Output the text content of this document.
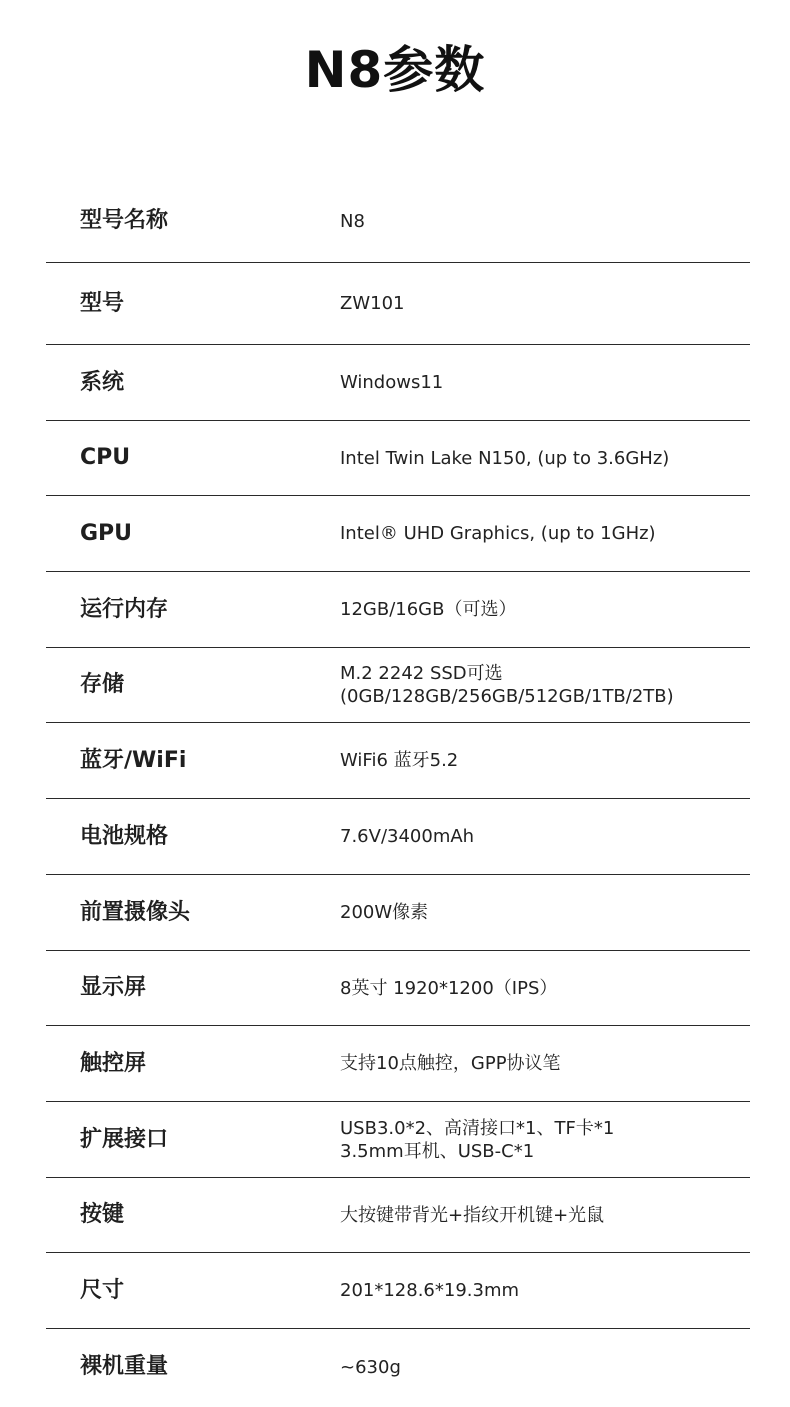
N8参数
型号名称	N8
型号	ZW101
系统	Windows11
CPU	Intel Twin Lake N150, (up to 3.6GHz)
GPU	Intel® UHD Graphics, (up to 1GHz)
运行内存	12GB/16GB（可选）
存储	M.2 2242 SSD可选
(0GB/128GB/256GB/512GB/1TB/2TB)
蓝牙/WiFi	WiFi6 蓝牙5.2
电池规格	7.6V/3400mAh
前置摄像头	200W像素
显示屏	8英寸 1920*1200（IPS）
触控屏	支持10点触控，GPP协议笔
扩展接口	USB3.0*2、高清接口*1、TF卡*1
3.5mm耳机、USB-C*1
按键	大按键带背光+指纹开机键+光鼠
尺寸	201*128.6*19.3mm
裸机重量	~630g
